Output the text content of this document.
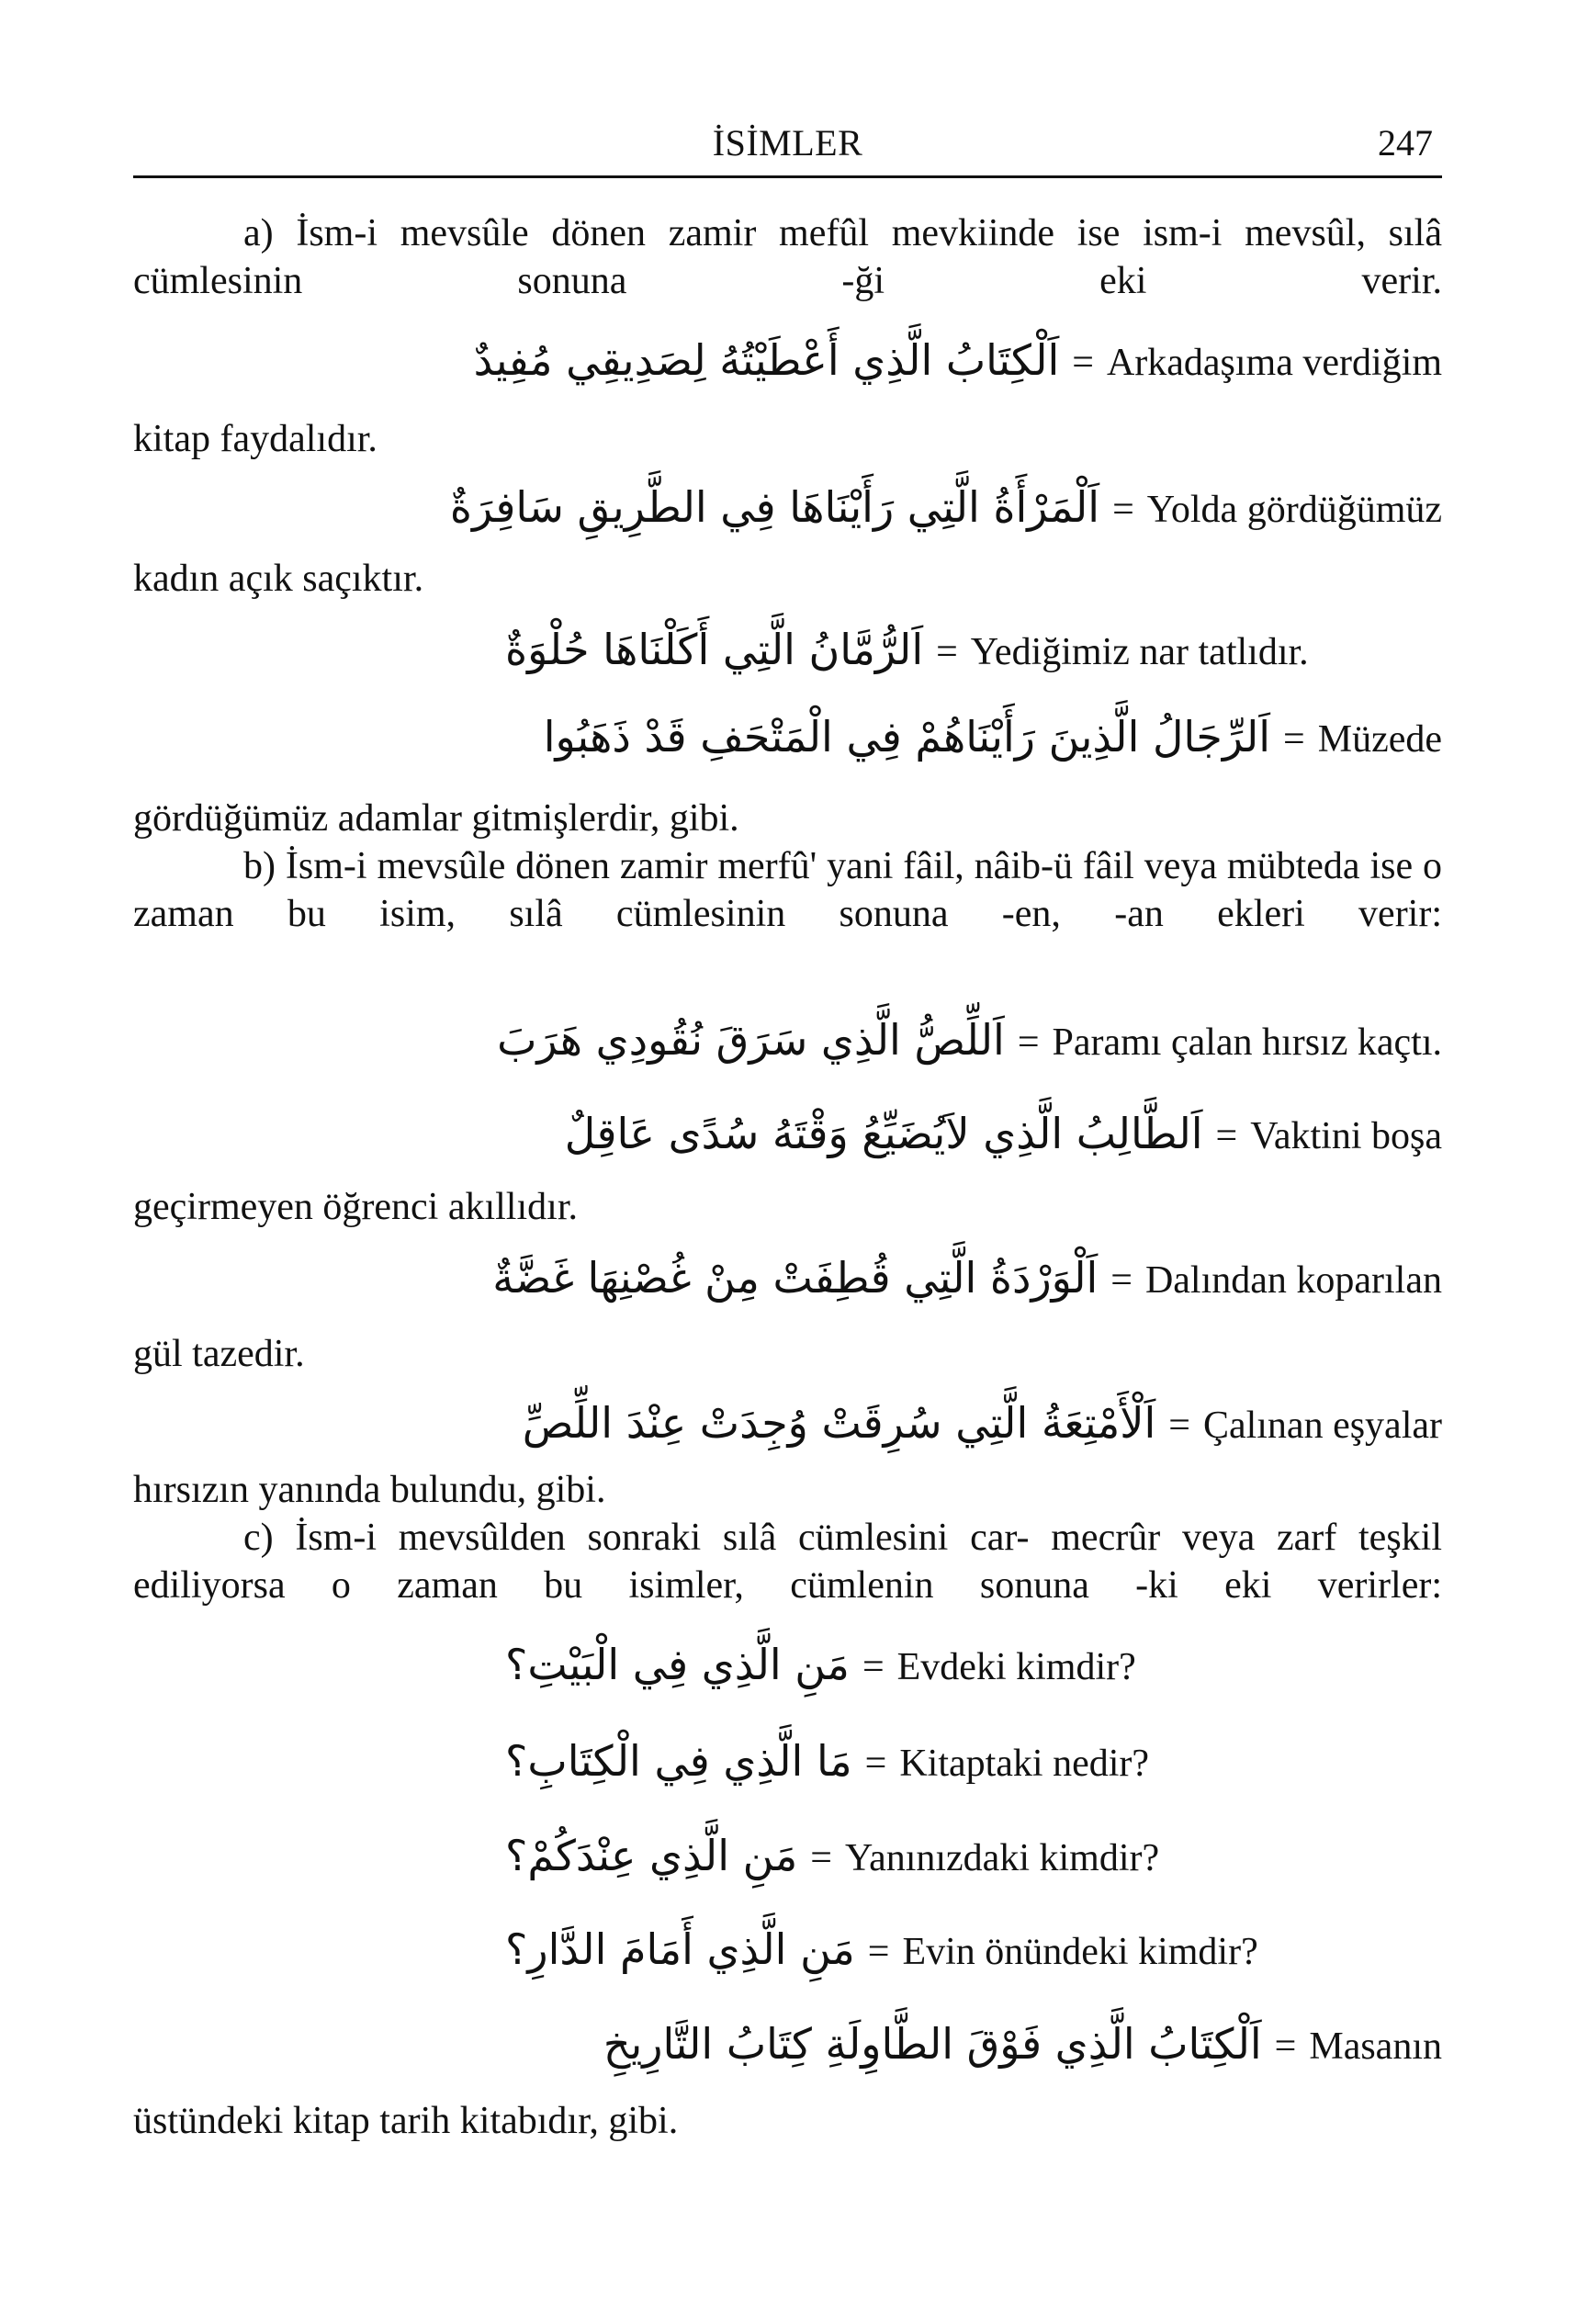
İSİMLER	247
a) İsm-i mevsûle dönen zamir mefûl mevkiinde ise ism-i mevsûl, sılâ cümlesinin sonuna -ği eki verir.
اَلْكِتَابُ الَّذِي أَعْطَيْتُهُ لِصَدِيقِي مُفِيدٌ = Arkadaşıma verdiğim
kitap faydalıdır.
اَلْمَرْأَةُ الَّتِي رَأَيْنَاهَا فِي الطَّرِيقِ سَافِرَةٌ = Yolda gördüğümüz
kadın açık saçıktır.
اَلرُّمَّانُ الَّتِي أَكَلْنَاهَا حُلْوَةٌ = Yediğimiz nar tatlıdır.
اَلرِّجَالُ الَّذِينَ رَأَيْنَاهُمْ فِي الْمَتْحَفِ قَدْ ذَهَبُوا = Müzede
gördüğümüz adamlar gitmişlerdir, gibi.
b) İsm-i mevsûle dönen zamir merfû' yani fâil, nâib-ü fâil veya mübteda ise o zaman bu isim, sılâ cümlesinin sonuna -en, -an ekleri verir:
اَللِّصُّ الَّذِي سَرَقَ نُقُودِي هَرَبَ = Paramı çalan hırsız kaçtı.
اَلطَّالِبُ الَّذِي لاَيُضَيِّعُ وَقْتَهُ سُدًى عَاقِلٌ = Vaktini boşa
geçirmeyen öğrenci akıllıdır.
اَلْوَرْدَةُ الَّتِي قُطِفَتْ مِنْ غُصْنِهَا غَضَّةٌ = Dalından koparılan
gül tazedir.
اَلْأَمْتِعَةُ الَّتِي سُرِقَتْ وُجِدَتْ عِنْدَ اللِّصِّ = Çalınan eşyalar
hırsızın yanında bulundu, gibi.
c) İsm-i mevsûlden sonraki sılâ cümlesini car- mecrûr veya zarf teşkil ediliyorsa o zaman bu isimler, cümlenin sonuna -ki eki verirler:
مَنِ الَّذِي فِي الْبَيْتِ؟ = Evdeki kimdir?
مَا الَّذِي فِي الْكِتَابِ؟ = Kitaptaki nedir?
مَنِ الَّذِي عِنْدَكُمْ؟ = Yanınızdaki kimdir?
مَنِ الَّذِي أَمَامَ الدَّارِ؟ = Evin önündeki kimdir?
اَلْكِتَابُ الَّذِي فَوْقَ الطَّاوِلَةِ كِتَابُ التَّارِيخِ = Masanın
üstündeki kitap tarih kitabıdır, gibi.
